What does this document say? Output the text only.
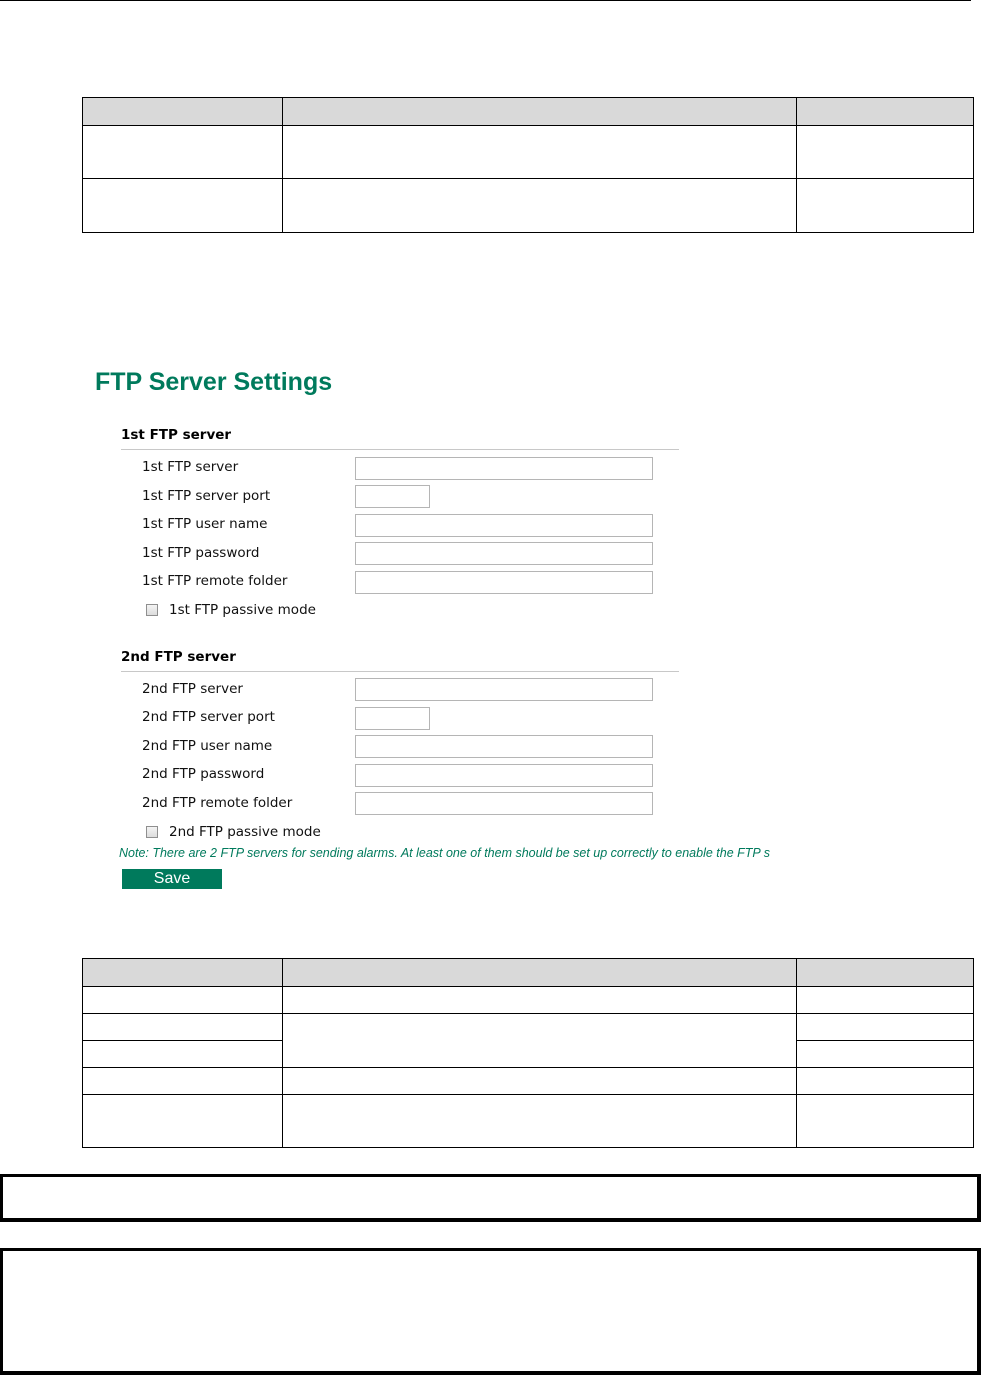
FTP Server Settings
1st FTP server
1st FTP server
1st FTP server port
1st FTP user name
1st FTP password
1st FTP remote folder
1st FTP passive mode
2nd FTP server
2nd FTP server
2nd FTP server port
2nd FTP user name
2nd FTP password
2nd FTP remote folder
2nd FTP passive mode
Note: There are 2 FTP servers for sending alarms. At least one of them should be set up correctly to enable the FTP s
Save
